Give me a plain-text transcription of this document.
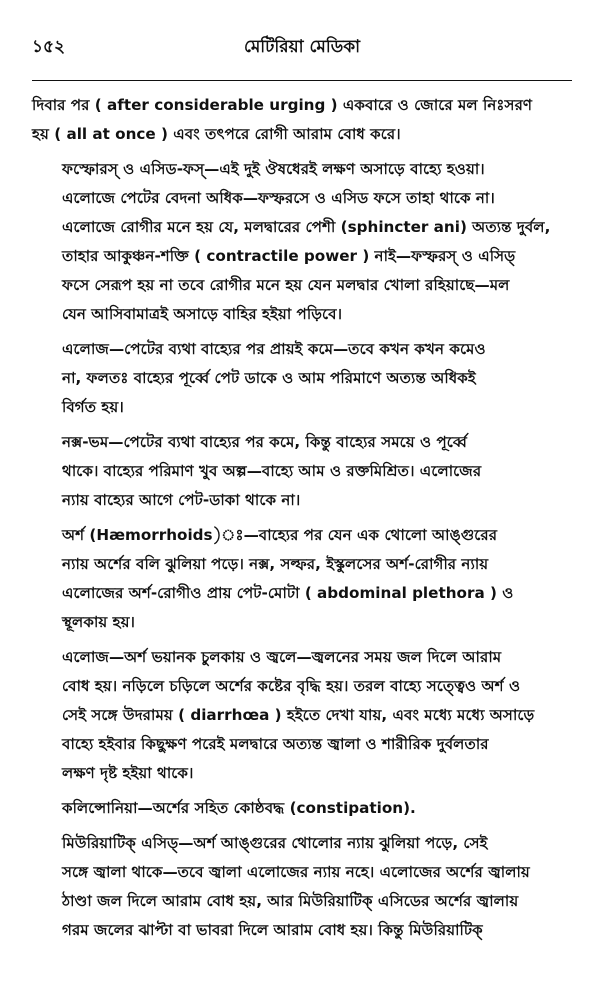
১৫২	মেটিরিয়া মেডিকা

দিবার পর ( after considerable urging ) একবারে ও জোরে মল নিঃসরণ
হয় ( all at once ) এবং তৎপরে রোগী আরাম বোধ করে।

ফস্ফোরস্ ও এসিড-ফস্—এই দুই ঔষধেরই লক্ষণ অসাড়ে বাহ্যে হওয়া।
এলোজে পেটের বেদনা অধিক—ফস্ফরসে ও এসিড ফসে তাহা থাকে না।
এলোজে রোগীর মনে হয় যে, মলদ্বারের পেশী (sphincter ani) অত্যন্ত দুর্বল,
তাহার আকুঞ্চন-শক্তি ( contractile power ) নাই—ফস্ফরস্ ও এসিড্
ফসে সেরূপ হয় না তবে রোগীর মনে হয় যেন মলদ্বার খোলা রহিয়াছে—মল
যেন আসিবামাত্রই অসাড়ে বাহির হইয়া পড়িবে।

এলোজ—পেটের ব্যথা বাহ্যের পর প্রায়ই কমে—তবে কখন কখন কমেও
না, ফলতঃ বাহ্যের পূর্ব্বে পেট ডাকে ও আম পরিমাণে অত্যন্ত অধিকই
বির্গত হয়।

নক্স-ভম—পেটের ব্যথা বাহ্যের পর কমে, কিন্তু বাহ্যের সময়ে ও পূর্ব্বে
থাকে। বাহ্যের পরিমাণ খুব অল্প—বাহ্যে আম ও রক্তমিশ্রিত। এলোজের
ন্যায় বাহ্যের আগে পেট-ডাকা থাকে না।

অর্শ (Hæmorrhoids)ঃ—বাহ্যের পর যেন এক থোলো আঙ্গুরের
ন্যায় অর্শের বলি ঝুলিয়া পড়ে। নক্স, সল্ফর, ইস্কুলসের অর্শ-রোগীর ন্যায়
এলোজের অর্শ-রোগীও প্রায় পেট-মোটা ( abdominal plethora ) ও
স্থূলকায় হয়।

এলোজ—অর্শ ভয়ানক চুলকায় ও জ্বলে—জ্বলনের সময় জল দিলে আরাম
বোধ হয়। নড়িলে চড়িলে অর্শের কষ্টের বৃদ্ধি হয়। তরল বাহ্যে সত্ত্বেও অর্শ ও
সেই সঙ্গে উদরাময় ( diarrhœa ) হইতে দেখা যায়, এবং মধ্যে মধ্যে অসাড়ে
বাহ্যে হইবার কিছুক্ষণ পরেই মলদ্বারে অত্যন্ত জ্বালা ও শারীরিক দুর্বলতার
লক্ষণ দৃষ্ট হইয়া থাকে।

কলিন্সোনিয়া—অর্শের সহিত কোষ্ঠবদ্ধ (constipation).

মিউরিয়াটিক্ এসিড্—অর্শ আঙ্গুরের থোলোর ন্যায় ঝুলিয়া পড়ে, সেই
সঙ্গে জ্বালা থাকে—তবে জ্বালা এলোজের ন্যায় নহে। এলোজের অর্শের জ্বালায়
ঠাণ্ডা জল দিলে আরাম বোধ হয়, আর মিউরিয়াটিক্ এসিডের অর্শের জ্বালায়
গরম জলের ঝাপ্টা বা ভাবরা দিলে আরাম বোধ হয়। কিন্তু মিউরিয়াটিক্
